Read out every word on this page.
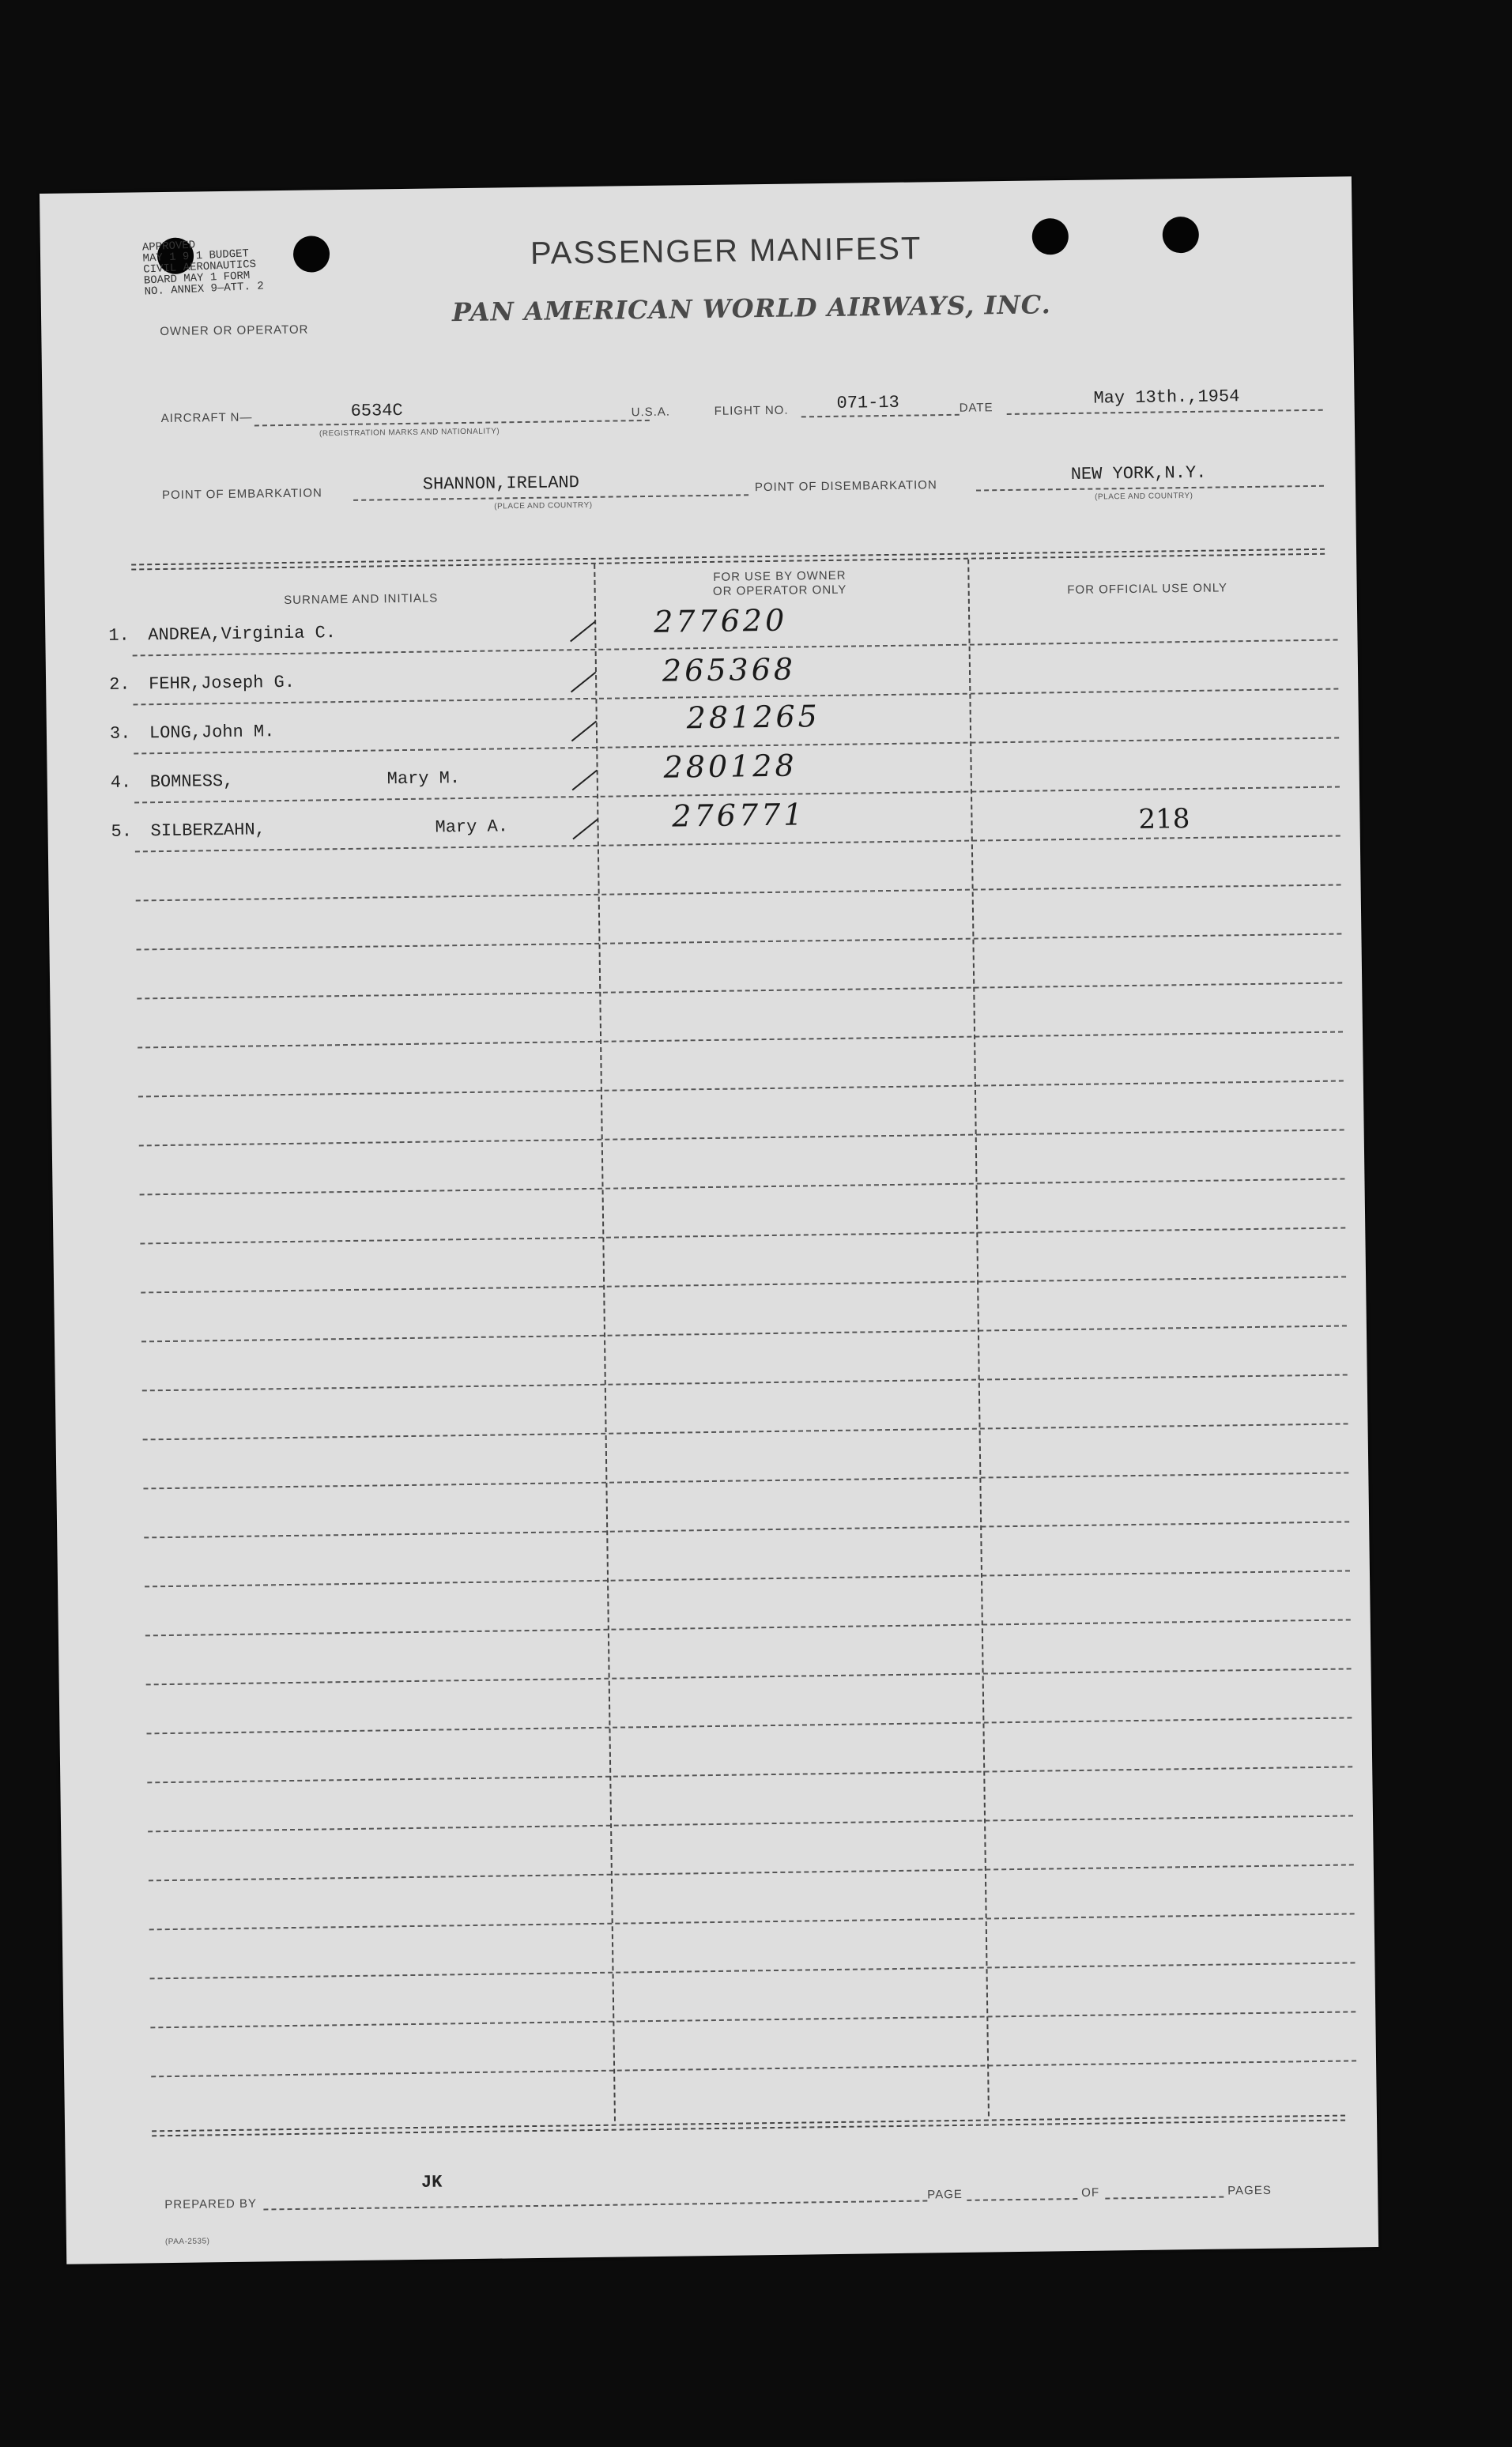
APPROVED
MAY 1 9 1 BUDGET
CIVIL AERONAUTICS
BOARD MAY 1 FORM
NO. ANNEX 9—ATT. 2
PASSENGER MANIFEST
OWNER OR OPERATOR
PAN AMERICAN WORLD AIRWAYS, INC.
AIRCRAFT N—	6534C
(REGISTRATION MARKS AND NATIONALITY)
U.S.A.	FLIGHT NO.	071-13	DATE	May 13th.,1954
POINT OF EMBARKATION	SHANNON,IRELAND
(PLACE AND COUNTRY)
POINT OF DISEMBARKATION
NEW YORK,N.Y.
(PLACE AND COUNTRY)
SURNAME AND INITIALS
FOR USE BY OWNER
OR OPERATOR ONLY	FOR OFFICIAL USE ONLY
1. ANDREA,Virginia C.	277620
2. FEHR,Joseph G.	265368
3. LONG,John M.	281265
4. BOMNESS,	Mary M.	280128
5. SILBERZAHN,	Mary A.	276771	218
PREPARED BY
JK
PAGE	OF	PAGES
(PAA-2535)
